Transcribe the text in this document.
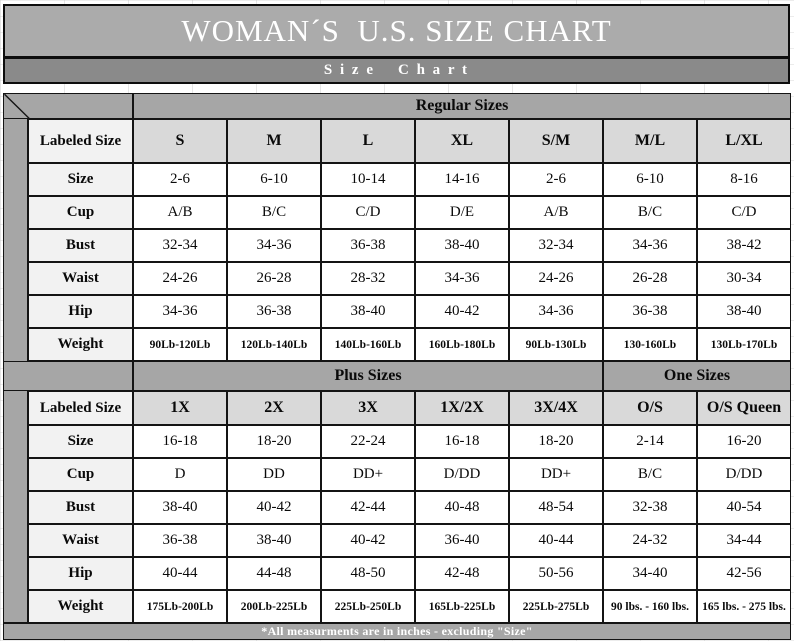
WOMAN´S  U.S. SIZE CHART
S i z e    C h a r t
Regular Sizes
Labeled Size	S	M	L	XL	S/M	M/L	L/XL
Size	2-6	6-10	10-14	14-16	2-6	6-10	8-16
Cup	A/B	B/C	C/D	D/E	A/B	B/C	C/D
Bust	32-34	34-36	36-38	38-40	32-34	34-36	38-42
Waist	24-26	26-28	28-32	34-36	24-26	26-28	30-34
Hip	34-36	36-38	38-40	40-42	34-36	36-38	38-40
Weight	90Lb-120Lb	120Lb-140Lb	140Lb-160Lb	160Lb-180Lb	90Lb-130Lb	130-160Lb	130Lb-170Lb
Plus Sizes	One Sizes
Labeled Size	1X	2X	3X	1X/2X	3X/4X	O/S	O/S Queen
Size	16-18	18-20	22-24	16-18	18-20	2-14	16-20
Cup	D	DD	DD+	D/DD	DD+	B/C	D/DD
Bust	38-40	40-42	42-44	40-48	48-54	32-38	40-54
Waist	36-38	38-40	40-42	36-40	40-44	24-32	34-44
Hip	40-44	44-48	48-50	42-48	50-56	34-40	42-56
Weight	175Lb-200Lb	200Lb-225Lb	225Lb-250Lb	165Lb-225Lb	225Lb-275Lb	90 lbs. - 160 lbs.	165 lbs. - 275 lbs.
*All measurments are in inches - excluding "Size"
